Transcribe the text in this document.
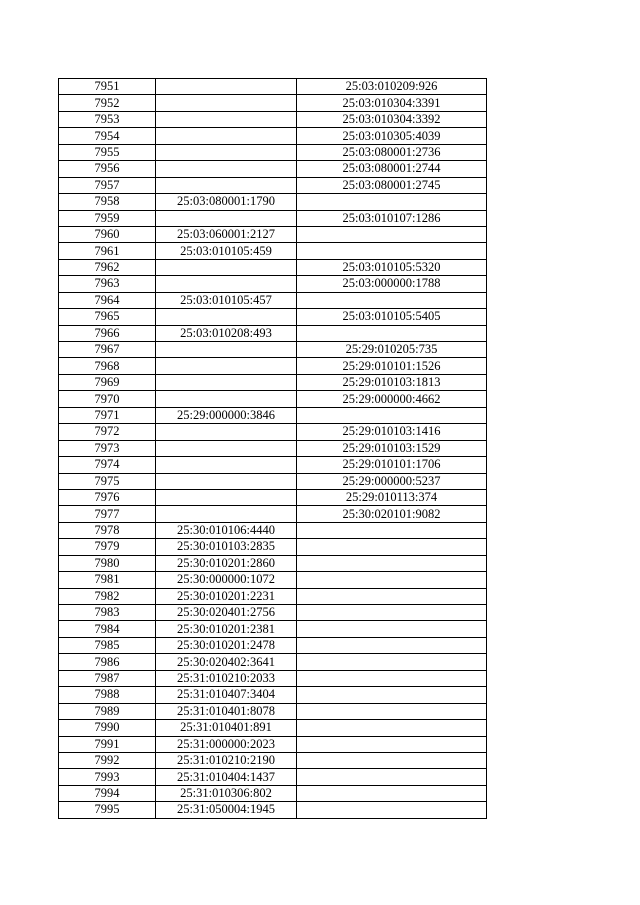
7951		25:03:010209:926
7952		25:03:010304:3391
7953		25:03:010304:3392
7954		25:03:010305:4039
7955		25:03:080001:2736
7956		25:03:080001:2744
7957		25:03:080001:2745
7958	25:03:080001:1790	
7959		25:03:010107:1286
7960	25:03:060001:2127	
7961	25:03:010105:459	
7962		25:03:010105:5320
7963		25:03:000000:1788
7964	25:03:010105:457	
7965		25:03:010105:5405
7966	25:03:010208:493	
7967		25:29:010205:735
7968		25:29:010101:1526
7969		25:29:010103:1813
7970		25:29:000000:4662
7971	25:29:000000:3846	
7972		25:29:010103:1416
7973		25:29:010103:1529
7974		25:29:010101:1706
7975		25:29:000000:5237
7976		25:29:010113:374
7977		25:30:020101:9082
7978	25:30:010106:4440	
7979	25:30:010103:2835	
7980	25:30:010201:2860	
7981	25:30:000000:1072	
7982	25:30:010201:2231	
7983	25:30:020401:2756	
7984	25:30:010201:2381	
7985	25:30:010201:2478	
7986	25:30:020402:3641	
7987	25:31:010210:2033	
7988	25:31:010407:3404	
7989	25:31:010401:8078	
7990	25:31:010401:891	
7991	25:31:000000:2023	
7992	25:31:010210:2190	
7993	25:31:010404:1437	
7994	25:31:010306:802	
7995	25:31:050004:1945	
